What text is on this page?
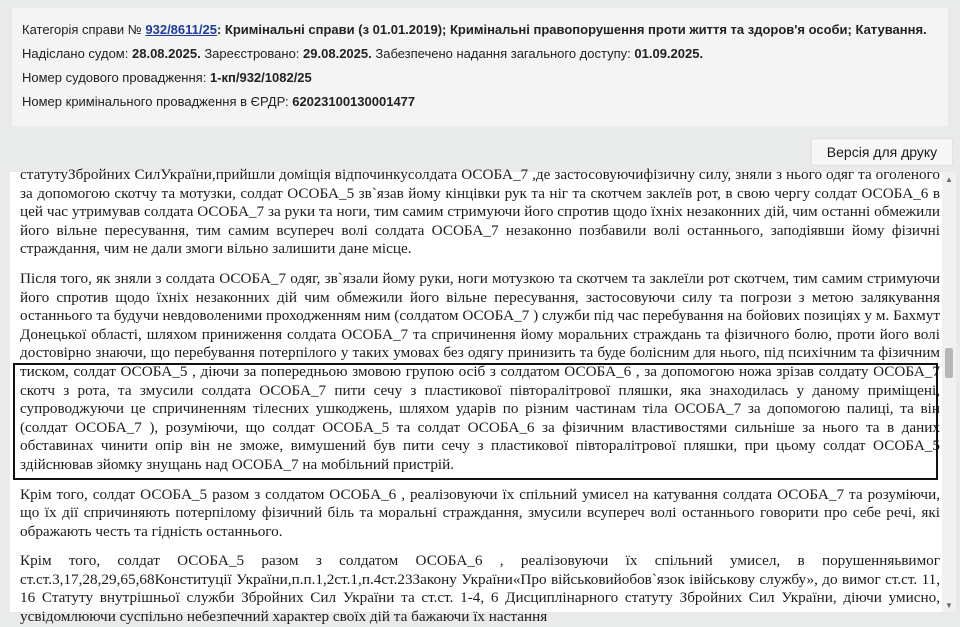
Категорія справи № 932/8611/25: Кримінальні справи (з 01.01.2019); Кримінальні правопорушення проти життя та здоров'я особи; Катування.
Надіслано судом: 28.08.2025. Зареєстровано: 29.08.2025. Забезпечено надання загального доступу: 01.09.2025.
Номер судового провадження: 1-кп/932/1082/25
Номер кримінального провадження в ЄРДР: 62023100130001477
Версія для друку

статутуЗбройних СилУкраїни,прийшли доміщія відпочинкусолдата ОСОБА_7 ,де застосовуючифізичну силу, зняли з нього одяг та оголеного за допомогою скотчу та мотузки, солдат ОСОБА_5 зв`язав йому кінцівки рук та ніг та скотчем заклеїв рот, в свою чергу солдат ОСОБА_6 в цей час утримував солдата ОСОБА_7 за руки та ноги, тим самим стримуючи його спротив щодо їхніх незаконних дій, чим останні обмежили його вільне пересування, тим самим всупереч волі солдата ОСОБА_7 незаконно позбавили волі останнього, заподіявши йому фізичні страждання, чим не дали змоги вільно залишити дане місце.

Після того, як зняли з солдата ОСОБА_7 одяг, зв`язали йому руки, ноги мотузкою та скотчем та заклеїли рот скотчем, тим самим стримуючи його спротив щодо їхніх незаконних дій чим обмежили його вільне пересування, застосовуючи силу та погрози з метою залякування останнього та будучи невдоволеними проходженням ним (солдатом ОСОБА_7 ) служби під час перебування на бойових позиціях у м. Бахмут Донецької області, шляхом приниження солдата ОСОБА_7 та спричинення йому моральних страждань та фізичного болю, проти його волі достовірно знаючи, що перебування потерпілого у таких умовах без одягу принизить та буде болісним для нього, під психічним та фізичним тиском, солдат ОСОБА_5 , діючи за попередньою змовою групою осіб з солдатом ОСОБА_6 , за допомогою ножа зрізав солдату ОСОБА_7 скотч з рота, та змусили солдата ОСОБА_7 пити сечу з пластикової півторалітрової пляшки, яка знаходилась у даному приміщені, супроводжуючи це спричиненням тілесних ушкоджень, шляхом ударів по різним частинам тіла ОСОБА_7 за допомогою палиці, та він (солдат ОСОБА_7 ), розуміючи, що солдат ОСОБА_5 та солдат ОСОБА_6 за фізичним властивостями сильніше за нього та в даних обставинах чинити опір він не зможе, вимушений був пити сечу з пластикової півторалітрової пляшки, при цьому солдат ОСОБА_5 здійснював зйомку знущань над ОСОБА_7 на мобільний пристрій.

Крім того, солдат ОСОБА_5 разом з солдатом ОСОБА_6 , реалізовуючи їх спільний умисел на катування солдата ОСОБА_7 та розуміючи, що їх дії спричиняють потерпілому фізичний біль та моральні страждання, змусили всупереч волі останнього говорити про себе речі, які ображають честь та гідність останнього.

Крім того, солдат ОСОБА_5 разом з солдатом ОСОБА_6 , реалізовуючи їх спільний умисел, в порушенняьвимог ст.ст.3,17,28,29,65,68Конституції України,п.п.1,2ст.1,п.4ст.23Закону України«Про військовийобов`язок івійськову службу», до вимог ст.ст. 11, 16 Статуту внутрішньої служби Збройних Сил України та ст.ст. 1-4, 6 Дисциплінарного статуту Збройних Сил України, діючи умисно, усвідомлюючи суспільно небезпечний характер своїх дій та бажаючи їх настання

▲
▼
